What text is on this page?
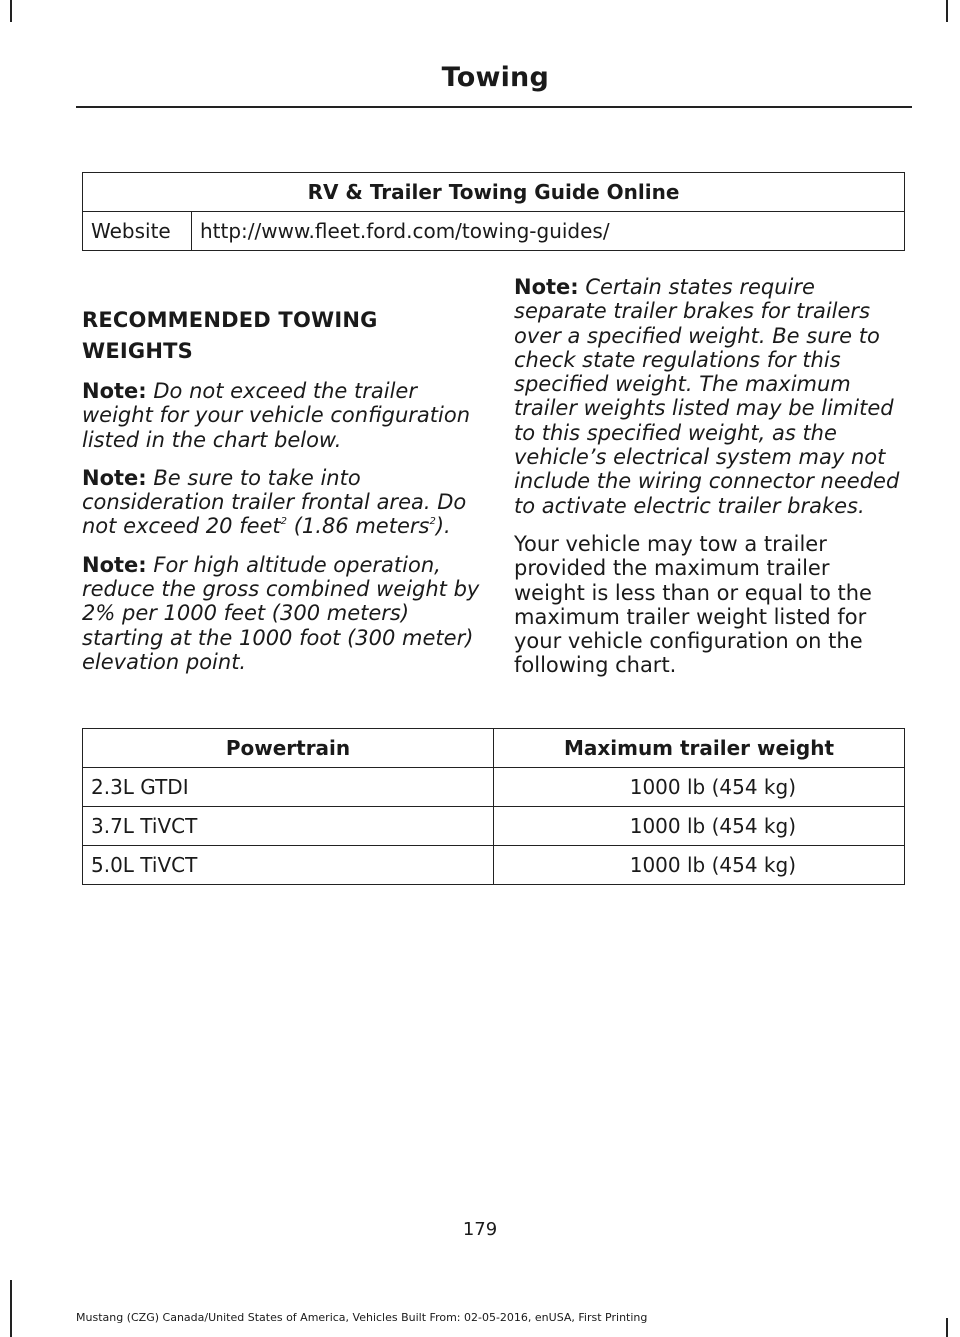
Towing
RV & Trailer Towing Guide Online
Website	http://www.fleet.ford.com/towing-guides/
RECOMMENDED TOWING
WEIGHTS

Note: Do not exceed the trailer weight for your vehicle configuration listed in the chart below.

Note: Be sure to take into consideration trailer frontal area. Do not exceed 20 feet$^2$ (1.86 meters$^2$).

Note: For high altitude operation, reduce the gross combined weight by 2% per 1000 feet (300 meters) starting at the 1000 foot (300 meter) elevation point.

Note: Certain states require separate trailer brakes for trailers over a specified weight. Be sure to check state regulations for this specified weight. The maximum trailer weights listed may be limited to this specified weight, as the vehicle’s electrical system may not include the wiring connector needed to activate electric trailer brakes.

Your vehicle may tow a trailer provided the maximum trailer weight is less than or equal to the maximum trailer weight listed for your vehicle configuration on the following chart.

Powertrain	Maximum trailer weight
2.3L GTDI	1000 lb (454 kg)
3.7L TiVCT	1000 lb (454 kg)
5.0L TiVCT	1000 lb (454 kg)
179
Mustang (CZG) Canada/United States of America, Vehicles Built From: 02-05-2016, enUSA, First Printing
